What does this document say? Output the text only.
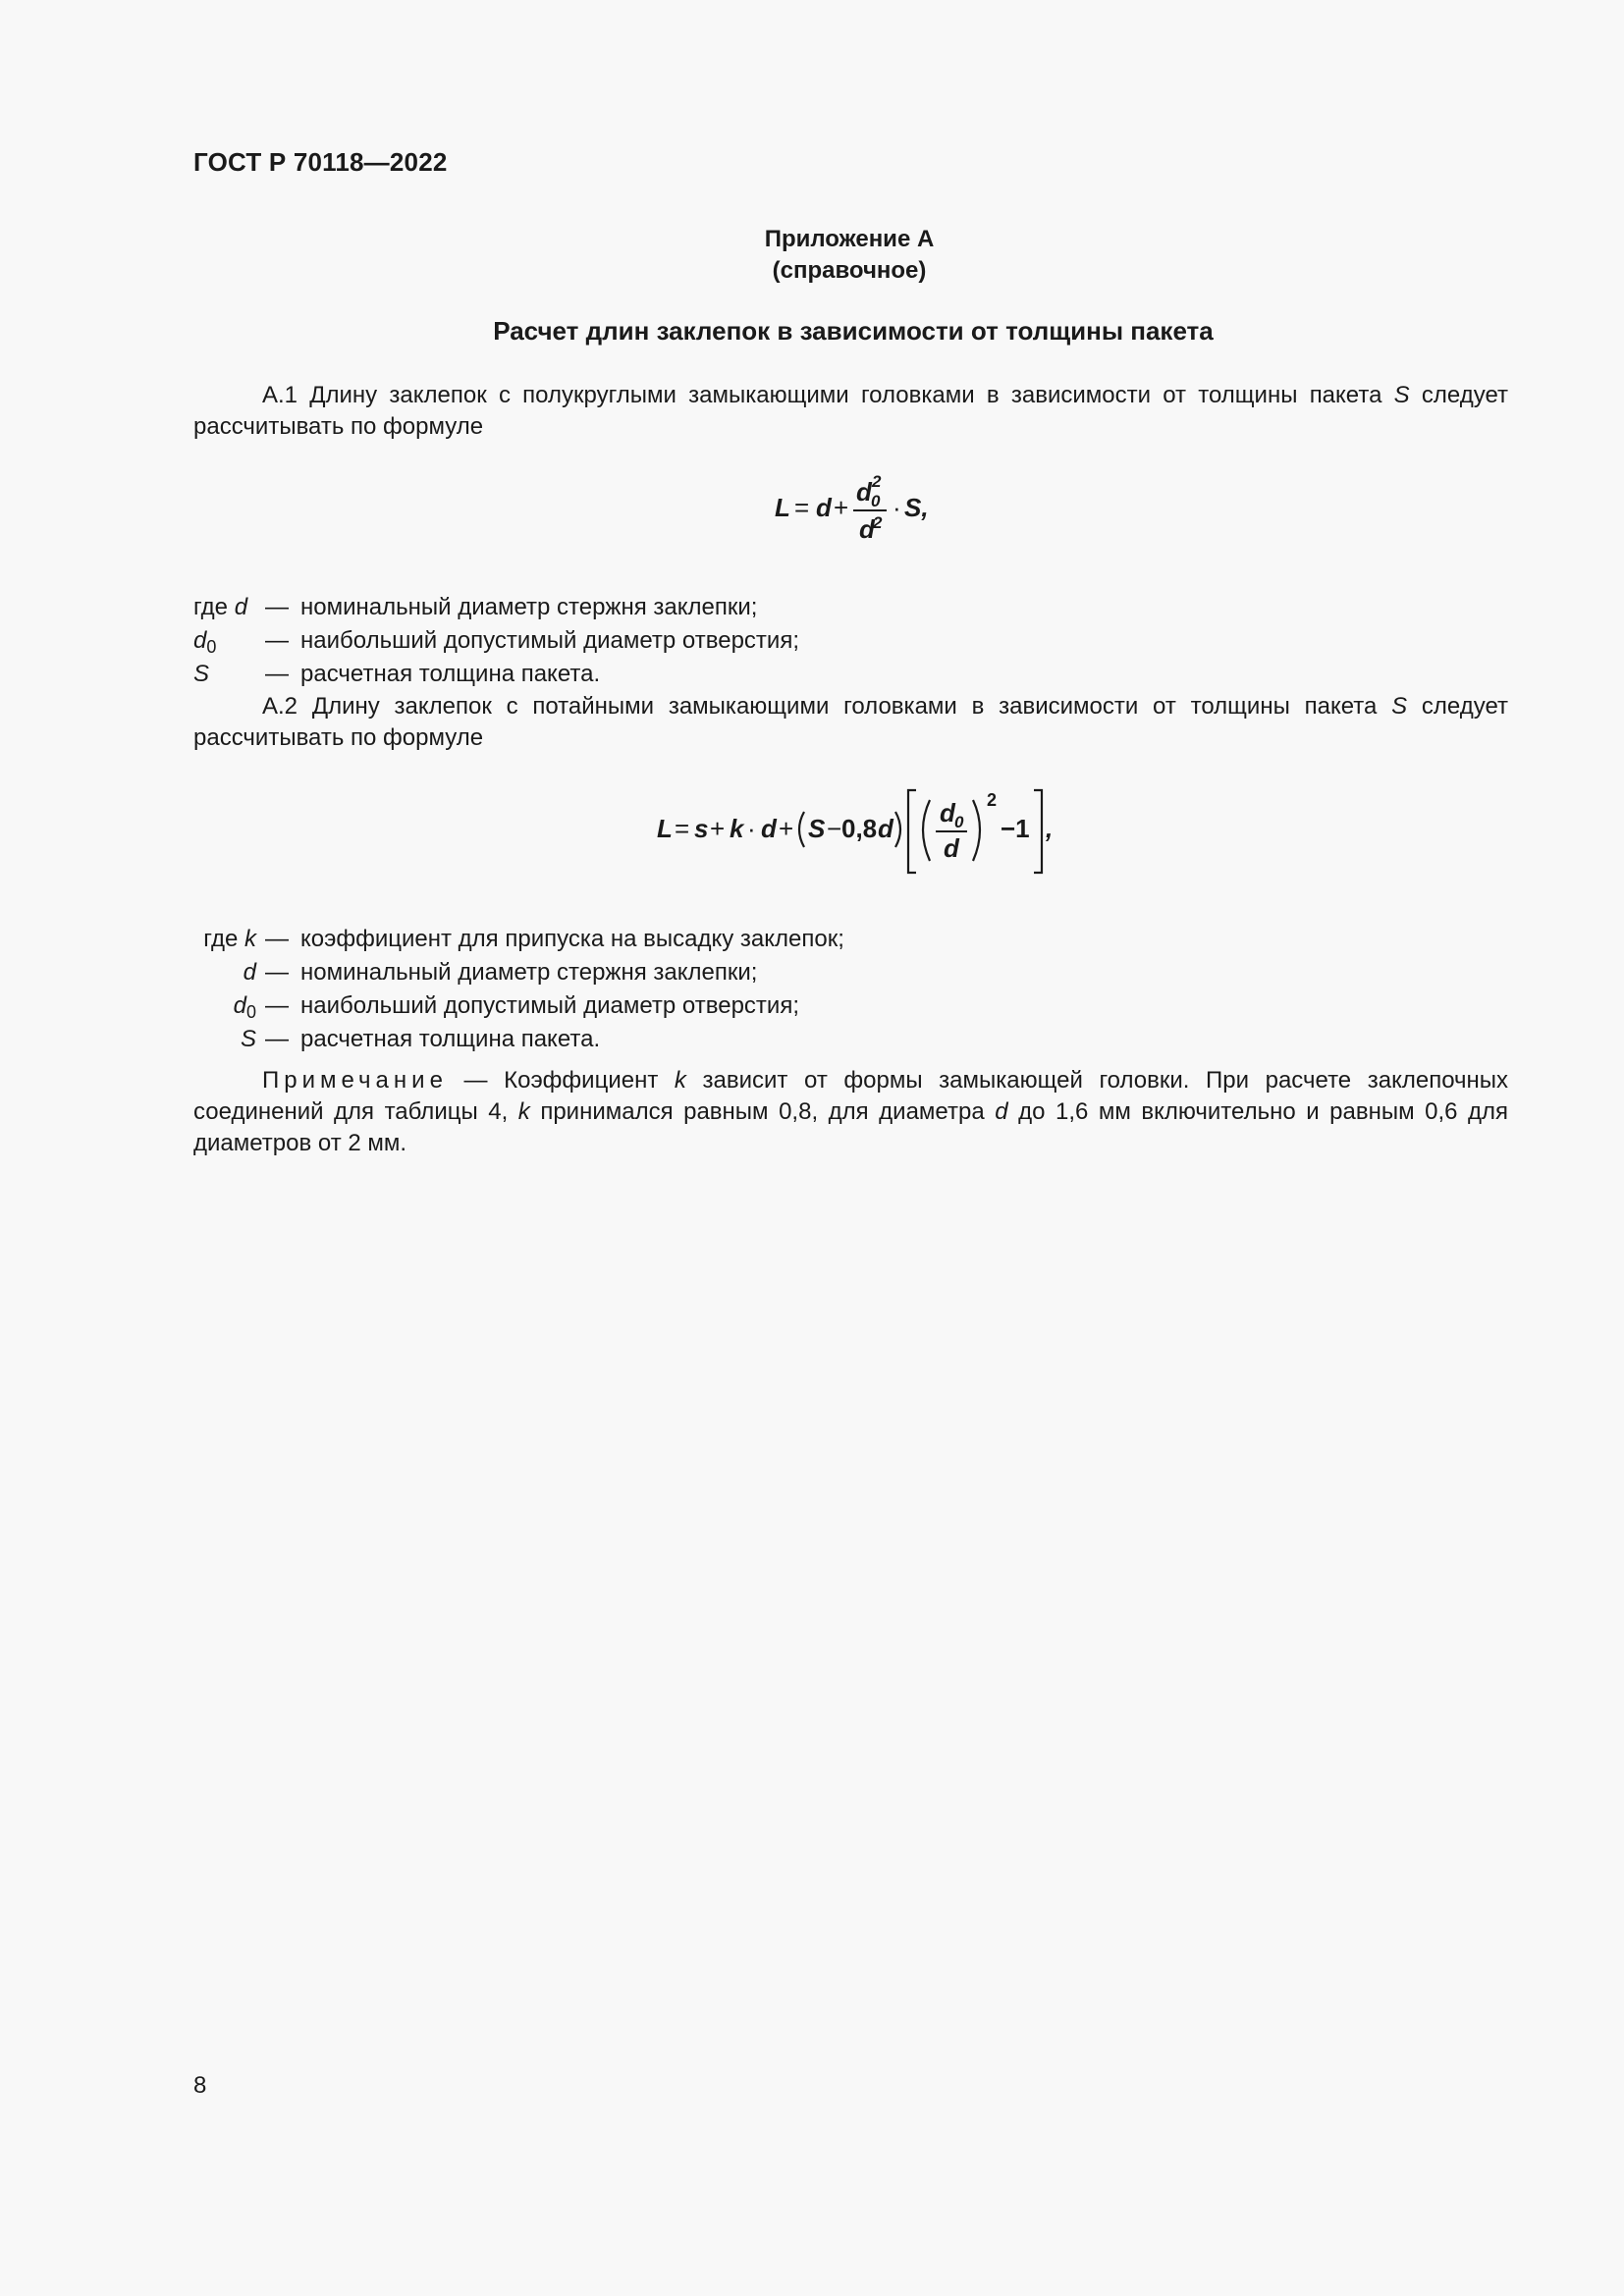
ГОСТ Р 70118—2022
Приложение А
(справочное)
Расчет длин заклепок в зависимости от толщины пакета
А.1 Длину заклепок с полукруглыми замыкающими головками в зависимости от толщины пакета S следует рассчитывать по формуле
L = d +
d 0
2
d
2
· S,
где d — номинальный диаметр стержня заклепки;
$d_0$ — наибольший допустимый диаметр отверстия;
S — расчетная толщина пакета.
А.2 Длину заклепок с потайными замыкающими головками в зависимости от толщины пакета S следует рассчитывать по формуле
L = s + k · d + S − 0,8 d
d 0
d
2
−1 ,
где k — коэффициент для припуска на высадку заклепок;
d — номинальный диаметр стержня заклепки;
$d_0$ — наибольший допустимый диаметр отверстия;
S — расчетная толщина пакета.
Примечание — Коэффициент k зависит от формы замыкающей головки. При расчете заклепочных соединений для таблицы 4, k принимался равным 0,8, для диаметра d до 1,6 мм включительно и равным 0,6 для диаметров от 2 мм.
8
